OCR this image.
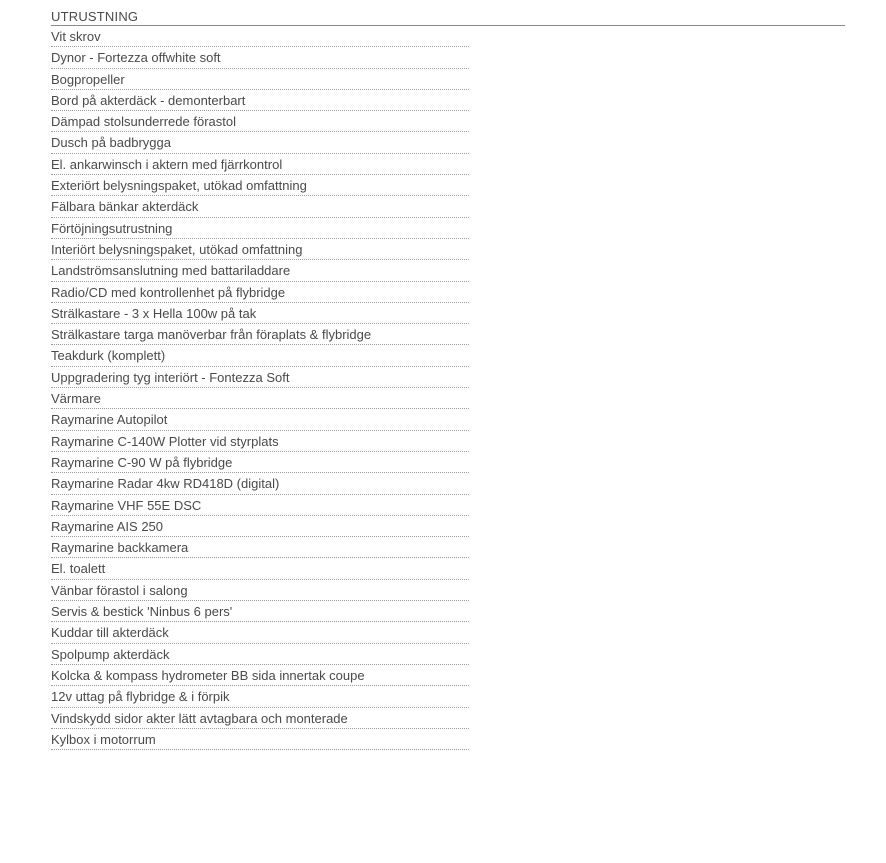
UTRUSTNING
Vit skrov
Dynor - Fortezza offwhite soft
Bogpropeller
Bord på akterdäck - demonterbart
Dämpad stolsunderrede förastol
Dusch på badbrygga
El. ankarwinsch i aktern med fjärrkontrol
Exteriört belysningspaket, utökad omfattning
Fälbara bänkar akterdäck
Förtöjningsutrustning
Interiört belysningspaket, utökad omfattning
Landströmsanslutning med battariladdare
Radio/CD med kontrollenhet på flybridge
Strälkastare - 3 x Hella 100w på tak
Strälkastare targa manöverbar från föraplats & flybridge
Teakdurk (komplett)
Uppgradering tyg interiört - Fontezza Soft
Värmare
Raymarine Autopilot
Raymarine C-140W Plotter vid styrplats
Raymarine C-90 W på flybridge
Raymarine Radar 4kw RD418D (digital)
Raymarine VHF 55E DSC
Raymarine AIS 250
Raymarine backkamera
El. toalett
Vänbar förastol i salong
Servis & bestick 'Ninbus 6 pers'
Kuddar till akterdäck
Spolpump akterdäck
Kolcka & kompass hydrometer BB sida innertak coupe
12v uttag på flybridge & i förpik
Vindskydd sidor akter lätt avtagbara och monterade
Kylbox i motorrum
